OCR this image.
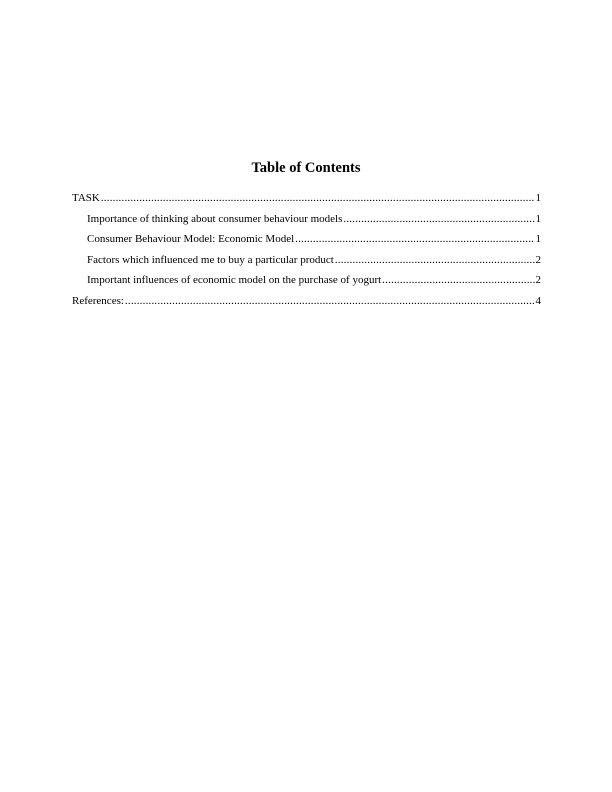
Table of Contents
TASK .....	1
Importance of thinking about consumer behaviour models .....	1
Consumer Behaviour Model: Economic Model .....	1
Factors which influenced me to buy a particular product .....	2
Important influences of economic model on the purchase of yogurt .....	2
References: .....	4
